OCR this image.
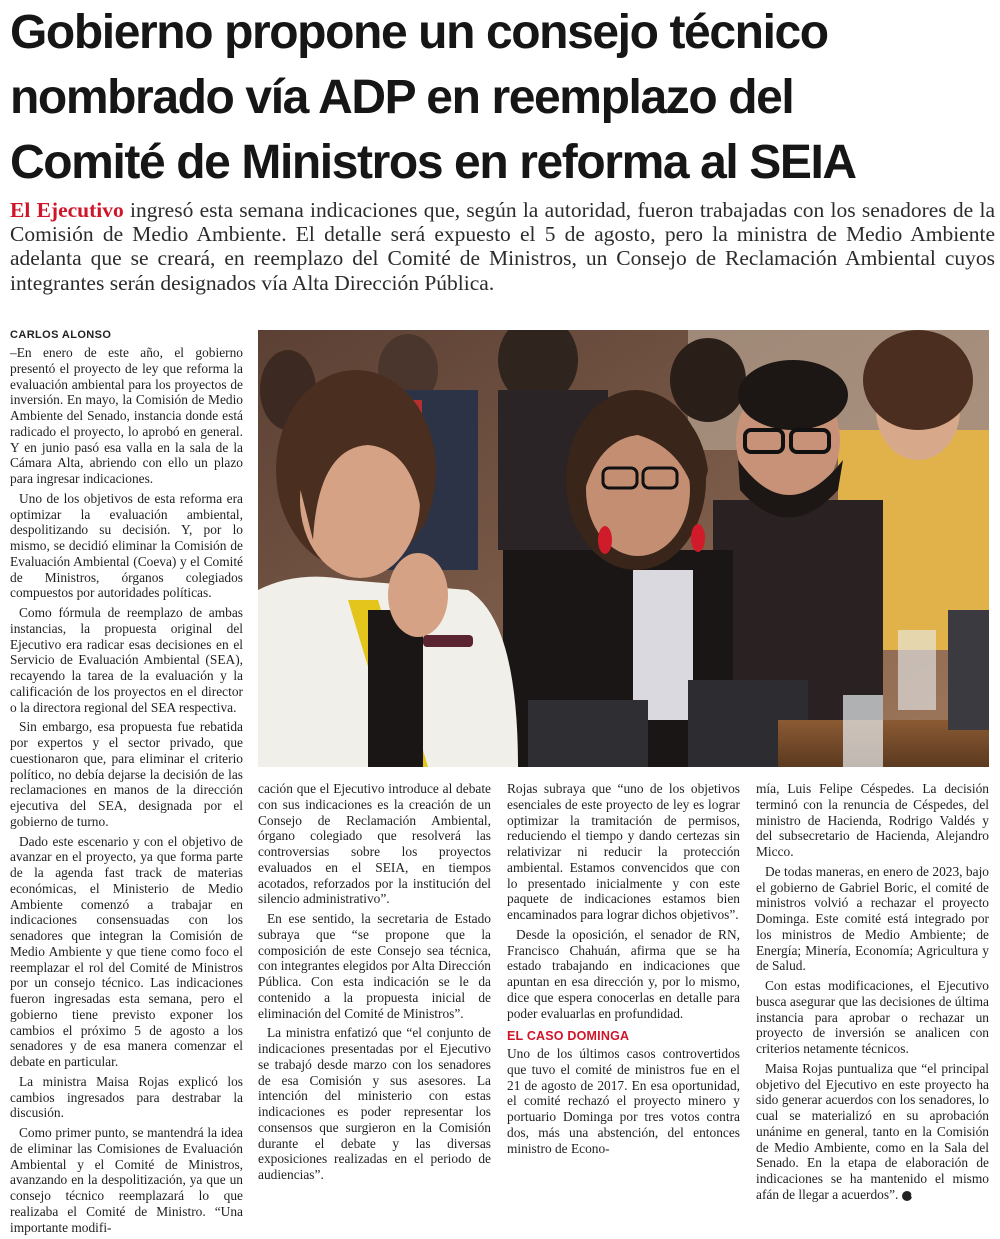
Gobierno propone un consejo técnico
nombrado vía ADP en reemplazo del
Comité de Ministros en reforma al SEIA

El Ejecutivo ingresó esta semana indicaciones que, según la autoridad, fueron trabajadas con los senadores de la Comisión de Medio Ambiente. El detalle será expuesto el 5 de agosto, pero la ministra de Medio Ambiente adelanta que se creará, en reemplazo del Comité de Ministros, un Consejo de Reclamación Ambiental cuyos integrantes serán designados vía Alta Dirección Pública.

CARLOS ALONSO

–En enero de este año, el gobierno presentó el proyecto de ley que reforma la evaluación ambiental para los proyectos de inversión. En mayo, la Comisión de Medio Ambiente del Senado, instancia donde está radicado el proyecto, lo aprobó en general. Y en junio pasó esa valla en la sala de la Cámara Alta, abriendo con ello un plazo para ingresar indicaciones.

Uno de los objetivos de esta reforma era optimizar la evaluación ambiental, despolitizando su decisión. Y, por lo mismo, se decidió eliminar la Comisión de Evaluación Ambiental (Coeva) y el Comité de Ministros, órganos colegiados compuestos por autoridades políticas.

Como fórmula de reemplazo de ambas instancias, la propuesta original del Ejecutivo era radicar esas decisiones en el Servicio de Evaluación Ambiental (SEA), recayendo la tarea de la evaluación y la calificación de los proyectos en el director o la directora regional del SEA respectiva.

Sin embargo, esa propuesta fue rebatida por expertos y el sector privado, que cuestionaron que, para eliminar el criterio político, no debía dejarse la decisión de las reclamaciones en manos de la dirección ejecutiva del SEA, designada por el gobierno de turno.

Dado este escenario y con el objetivo de avanzar en el proyecto, ya que forma parte de la agenda fast track de materias económicas, el Ministerio de Medio Ambiente comenzó a trabajar en indicaciones consensuadas con los senadores que integran la Comisión de Medio Ambiente y que tiene como foco el reemplazar el rol del Comité de Ministros por un consejo técnico. Las indicaciones fueron ingresadas esta semana, pero el gobierno tiene previsto exponer los cambios el próximo 5 de agosto a los senadores y de esa manera comenzar el debate en particular.

La ministra Maisa Rojas explicó los cambios ingresados para destrabar la discusión.

Como primer punto, se mantendrá la idea de eliminar las Comisiones de Evaluación Ambiental y el Comité de Ministros, avanzando en la despolitización, ya que un consejo técnico reemplazará lo que realizaba el Comité de Ministro. “Una importante modifi-

cación que el Ejecutivo introduce al debate con sus indicaciones es la creación de un Consejo de Reclamación Ambiental, órgano colegiado que resolverá las controversias sobre los proyectos evaluados en el SEIA, en tiempos acotados, reforzados por la institución del silencio administrativo”.

En ese sentido, la secretaria de Estado subraya que “se propone que la composición de este Consejo sea técnica, con integrantes elegidos por Alta Dirección Pública. Con esta indicación se le da contenido a la propuesta inicial de eliminación del Comité de Ministros”.

La ministra enfatizó que “el conjunto de indicaciones presentadas por el Ejecutivo se trabajó desde marzo con los senadores de esa Comisión y sus asesores. La intención del ministerio con estas indicaciones es poder representar los consensos que surgieron en la Comisión durante el debate y las diversas exposiciones realizadas en el periodo de audiencias”.

Rojas subraya que “uno de los objetivos esenciales de este proyecto de ley es lograr optimizar la tramitación de permisos, reduciendo el tiempo y dando certezas sin relativizar ni reducir la protección ambiental. Estamos convencidos que con lo presentado inicialmente y con este paquete de indicaciones estamos bien encaminados para lograr dichos objetivos”.

Desde la oposición, el senador de RN, Francisco Chahuán, afirma que se ha estado trabajando en indicaciones que apuntan en esa dirección y, por lo mismo, dice que espera conocerlas en detalle para poder evaluarlas en profundidad.

EL CASO DOMINGA

Uno de los últimos casos controvertidos que tuvo el comité de ministros fue en el 21 de agosto de 2017. En esa oportunidad, el comité rechazó el proyecto minero y portuario Dominga por tres votos contra dos, más una abstención, del entonces ministro de Econo-

mía, Luis Felipe Céspedes. La decisión terminó con la renuncia de Céspedes, del ministro de Hacienda, Rodrigo Valdés y del subsecretario de Hacienda, Alejandro Micco.

De todas maneras, en enero de 2023, bajo el gobierno de Gabriel Boric, el comité de ministros volvió a rechazar el proyecto Dominga. Este comité está integrado por los ministros de Medio Ambiente; de Energía; Minería, Economía; Agricultura y de Salud.

Con estas modificaciones, el Ejecutivo busca asegurar que las decisiones de última instancia para aprobar o rechazar un proyecto de inversión se analicen con criterios netamente técnicos.

Maisa Rojas puntualiza que “el principal objetivo del Ejecutivo en este proyecto ha sido generar acuerdos con los senadores, lo cual se materializó en su aprobación unánime en general, tanto en la Comisión de Medio Ambiente, como en la Sala del Senado. En la etapa de elaboración de indicaciones se ha mantenido el mismo afán de llegar a acuerdos”. P
